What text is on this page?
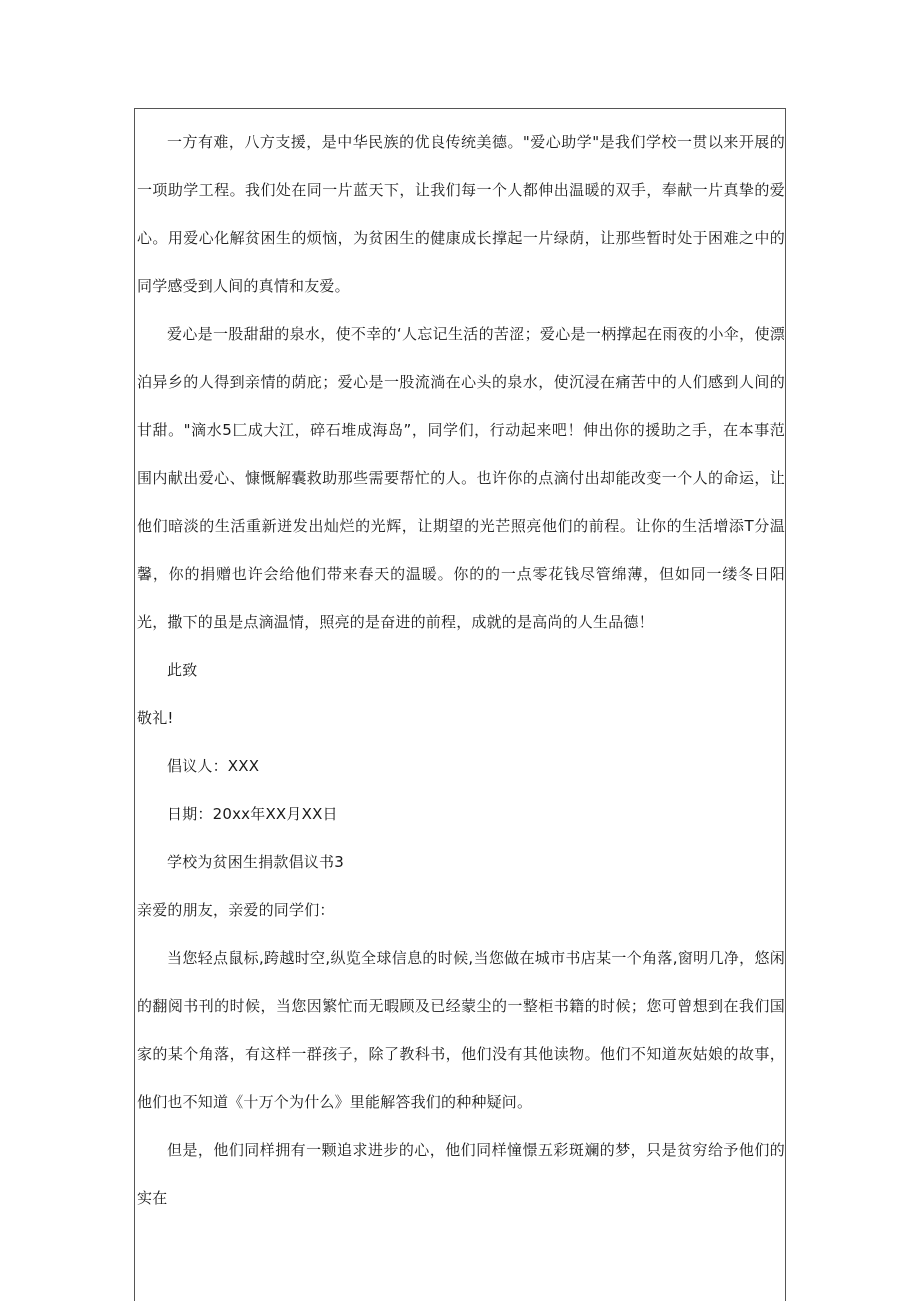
一方有难，八方支援，是中华民族的优良传统美德。"爱心助学"是我们学校一贯以来开展的一项助学工程。我们处在同一片蓝天下，让我们每一个人都伸出温暖的双手，奉献一片真挚的爱心。用爱心化解贫困生的烦恼，为贫困生的健康成长撑起一片绿荫，让那些暂时处于困难之中的同学感受到人间的真情和友爱。

爱心是一股甜甜的泉水，使不幸的‘人忘记生活的苦涩；爱心是一柄撑起在雨夜的小伞，使漂泊异乡的人得到亲情的荫庇；爱心是一股流淌在心头的泉水，使沉浸在痛苦中的人们感到人间的甘甜。"滴水5匚成大江，碎石堆成海岛”，同学们，行动起来吧！伸出你的援助之手，在本事范围内献出爱心、慷慨解囊救助那些需要帮忙的人。也许你的点滴付出却能改变一个人的命运，让他们暗淡的生活重新迸发出灿烂的光辉，让期望的光芒照亮他们的前程。让你的生活增添T分温馨，你的捐赠也许会给他们带来春天的温暖。你的的一点零花钱尽管绵薄，但如同一缕冬日阳光，撒下的虽是点滴温情，照亮的是奋进的前程，成就的是高尚的人生品德！

此致

敬礼!

倡议人：XXX

日期：20xx年XX月XX日

学校为贫困生捐款倡议书3

亲爱的朋友，亲爱的同学们：

当您轻点鼠标,跨越时空,纵览全球信息的时候,当您做在城市书店某一个角落,窗明几净，悠闲的翻阅书刊的时候，当您因繁忙而无暇顾及已经蒙尘的一整柜书籍的时候；您可曾想到在我们国家的某个角落，有这样一群孩子，除了教科书，他们没有其他读物。他们不知道灰姑娘的故事，他们也不知道《十万个为什么》里能解答我们的种种疑问。

但是，他们同样拥有一颗追求进步的心，他们同样憧憬五彩斑斓的梦，只是贫穷给予他们的实在
